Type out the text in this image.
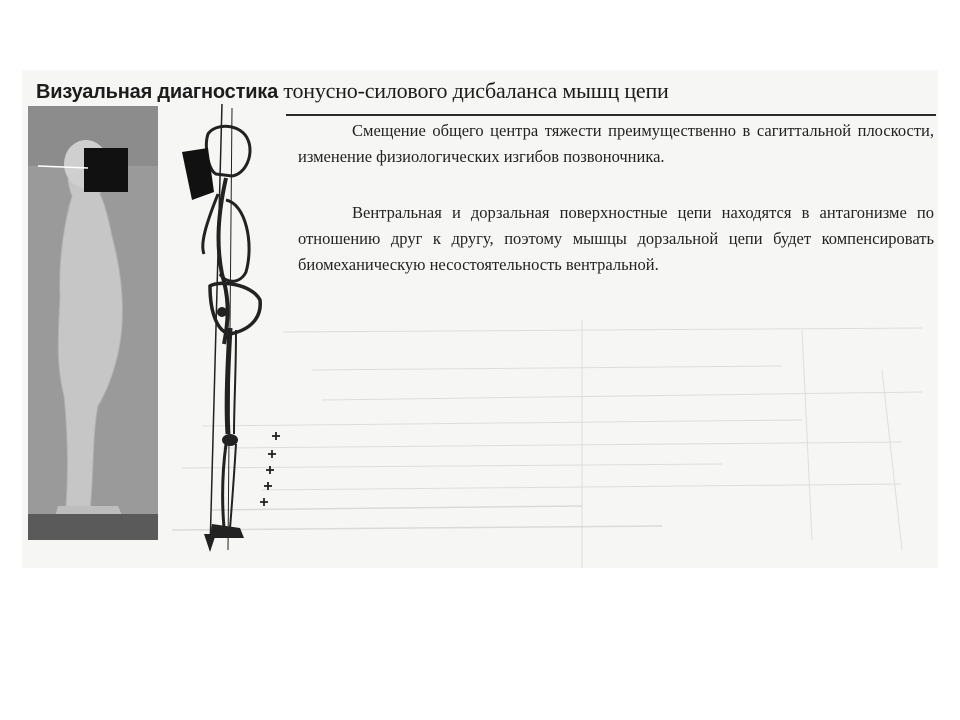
Визуальная диагностика тонусно-силового дисбаланса мышц цепи
Смещение общего центра тяжести преимущественно в сагиттальной плоскости, изменение физиологических изгибов позвоночника.
Вентральная и дорзальная поверхностные цепи находятся в антагонизме по отношению друг к другу, поэтому мышцы дорзальной цепи будет компенсировать биомеханическую несостоятельность вентральной.
